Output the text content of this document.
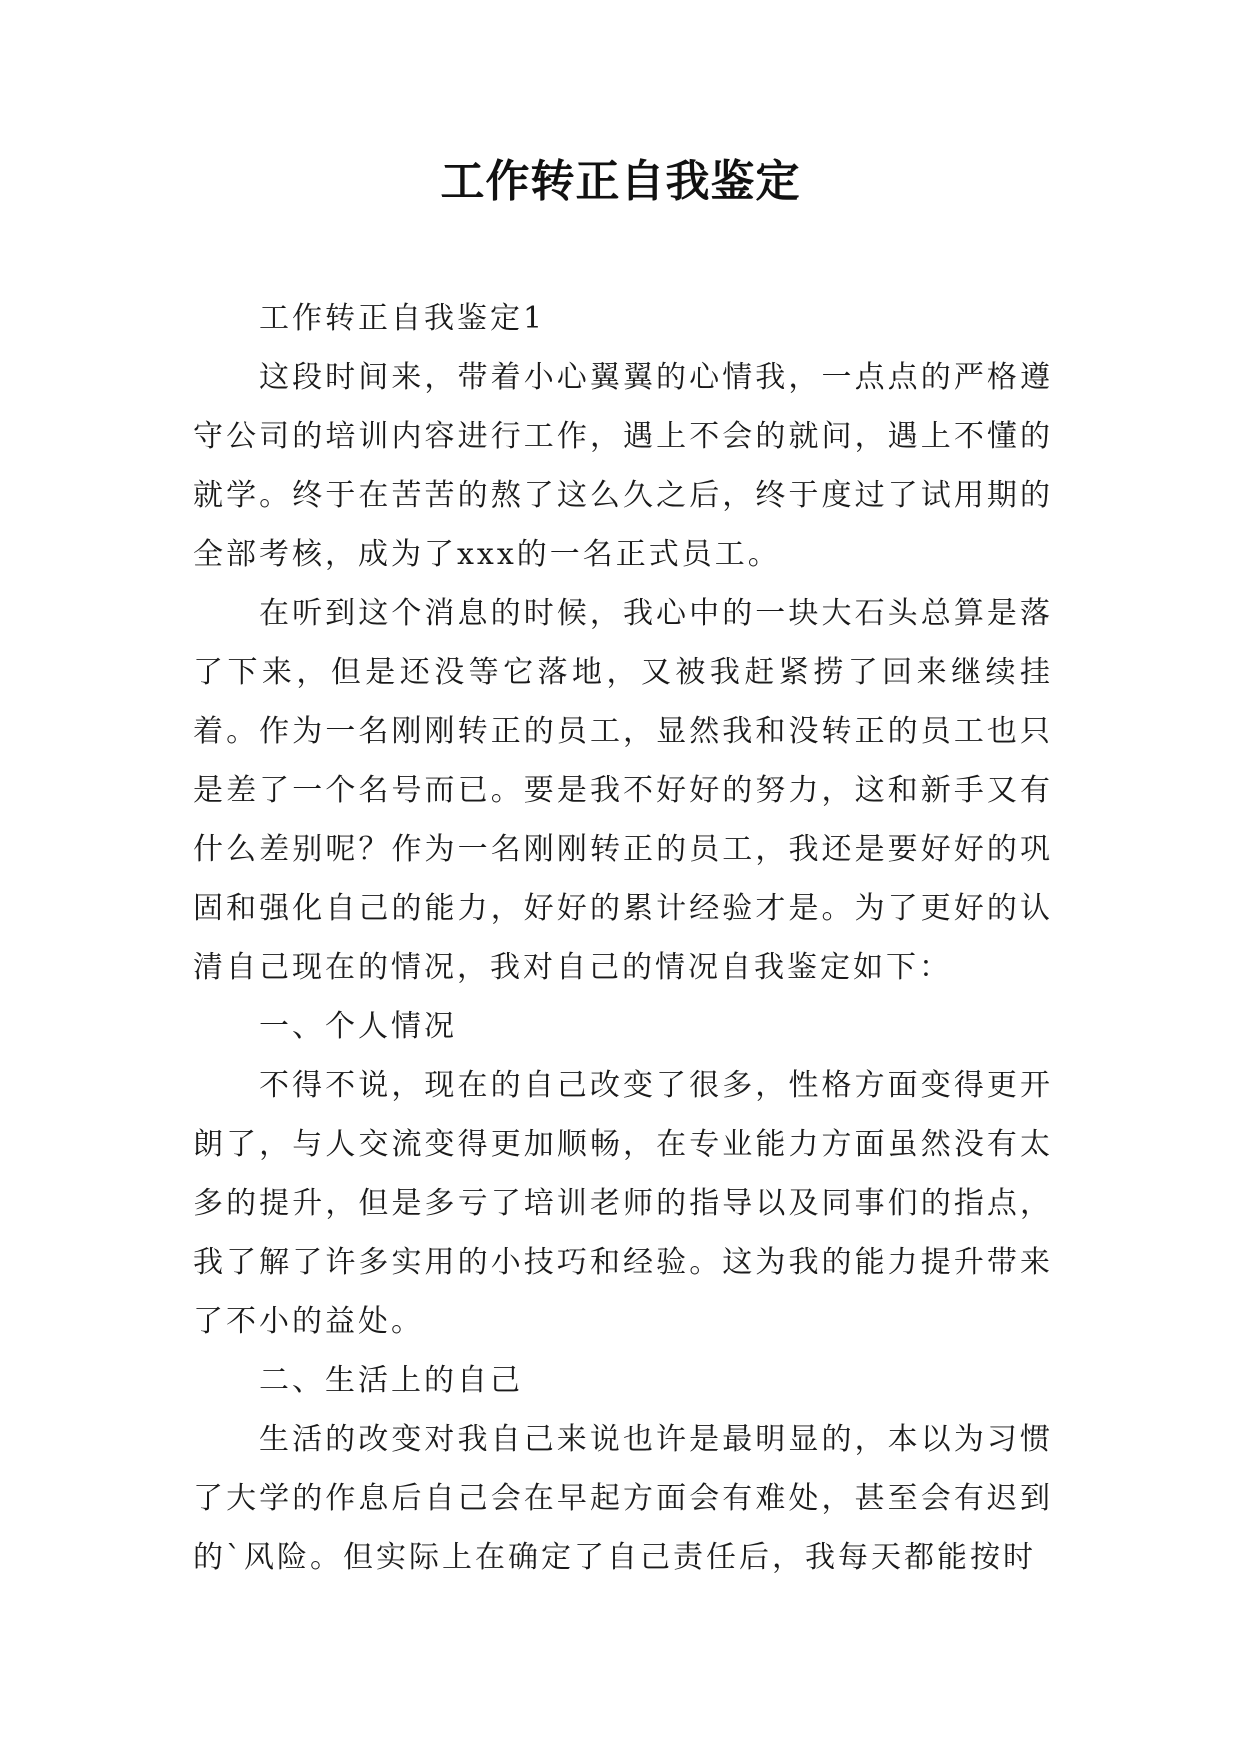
工作转正自我鉴定

工作转正自我鉴定1

这段时间来，带着小心翼翼的心情我，一点点的严格遵守公司的培训内容进行工作，遇上不会的就问，遇上不懂的就学。终于在苦苦的熬了这么久之后，终于度过了试用期的全部考核，成为了xxx的一名正式员工。

在听到这个消息的时候，我心中的一块大石头总算是落了下来，但是还没等它落地，又被我赶紧捞了回来继续挂着。作为一名刚刚转正的员工，显然我和没转正的员工也只是差了一个名号而已。要是我不好好的努力，这和新手又有什么差别呢？作为一名刚刚转正的员工，我还是要好好的巩固和强化自己的能力，好好的累计经验才是。为了更好的认清自己现在的情况，我对自己的情况自我鉴定如下：

一、个人情况

不得不说，现在的自己改变了很多，性格方面变得更开朗了，与人交流变得更加顺畅，在专业能力方面虽然没有太多的提升，但是多亏了培训老师的指导以及同事们的指点，我了解了许多实用的小技巧和经验。这为我的能力提升带来了不小的益处。

二、生活上的自己

生活的改变对我自己来说也许是最明显的，本以为习惯了大学的作息后自己会在早起方面会有难处，甚至会有迟到的`风险。但实际上在确定了自己责任后，我每天都能按时
